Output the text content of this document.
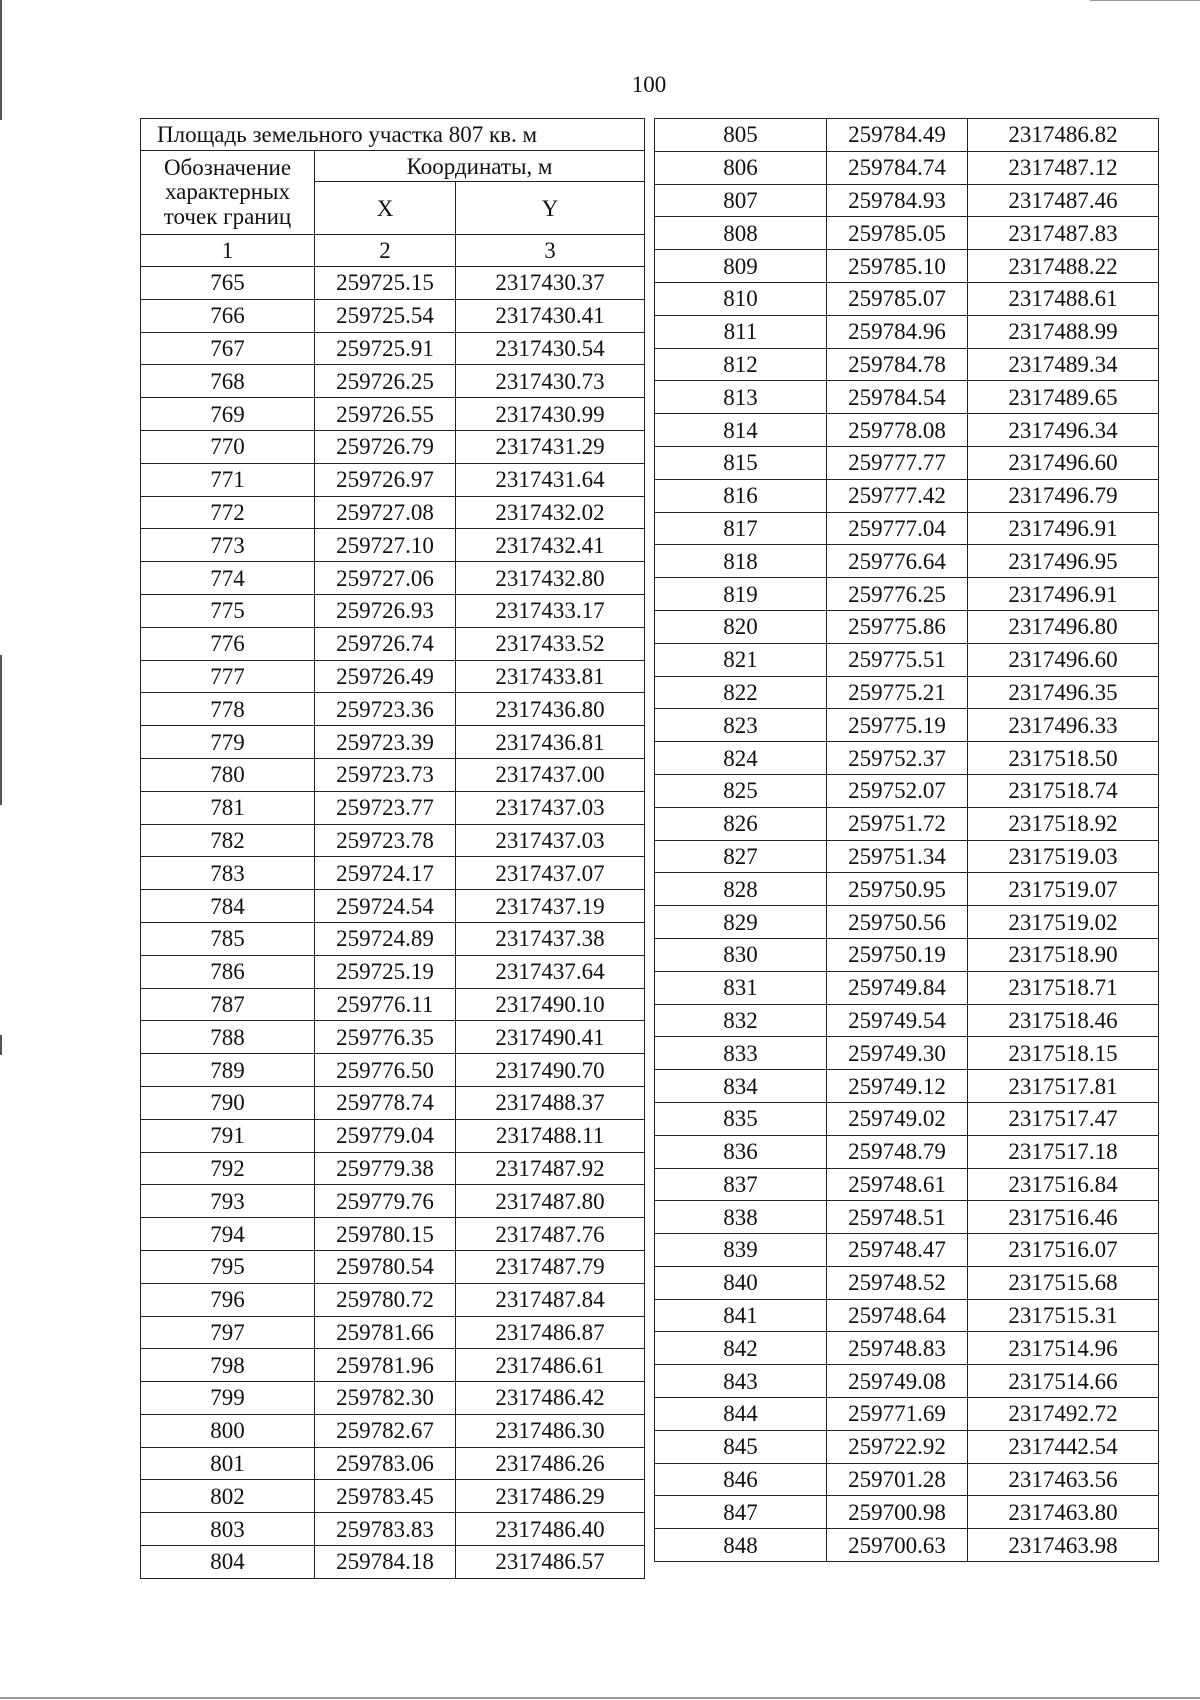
100
Площадь земельного участка 807 кв. м		
Обозначение характерных точек границ	Координаты, м	
	X	Y
1	2	3
765	259725.15	2317430.37
766	259725.54	2317430.41
767	259725.91	2317430.54
768	259726.25	2317430.73
769	259726.55	2317430.99
770	259726.79	2317431.29
771	259726.97	2317431.64
772	259727.08	2317432.02
773	259727.10	2317432.41
774	259727.06	2317432.80
775	259726.93	2317433.17
776	259726.74	2317433.52
777	259726.49	2317433.81
778	259723.36	2317436.80
779	259723.39	2317436.81
780	259723.73	2317437.00
781	259723.77	2317437.03
782	259723.78	2317437.03
783	259724.17	2317437.07
784	259724.54	2317437.19
785	259724.89	2317437.38
786	259725.19	2317437.64
787	259776.11	2317490.10
788	259776.35	2317490.41
789	259776.50	2317490.70
790	259778.74	2317488.37
791	259779.04	2317488.11
792	259779.38	2317487.92
793	259779.76	2317487.80
794	259780.15	2317487.76
795	259780.54	2317487.79
796	259780.72	2317487.84
797	259781.66	2317486.87
798	259781.96	2317486.61
799	259782.30	2317486.42
800	259782.67	2317486.30
801	259783.06	2317486.26
802	259783.45	2317486.29
803	259783.83	2317486.40
804	259784.18	2317486.57
805	259784.49	2317486.82
806	259784.74	2317487.12
807	259784.93	2317487.46
808	259785.05	2317487.83
809	259785.10	2317488.22
810	259785.07	2317488.61
811	259784.96	2317488.99
812	259784.78	2317489.34
813	259784.54	2317489.65
814	259778.08	2317496.34
815	259777.77	2317496.60
816	259777.42	2317496.79
817	259777.04	2317496.91
818	259776.64	2317496.95
819	259776.25	2317496.91
820	259775.86	2317496.80
821	259775.51	2317496.60
822	259775.21	2317496.35
823	259775.19	2317496.33
824	259752.37	2317518.50
825	259752.07	2317518.74
826	259751.72	2317518.92
827	259751.34	2317519.03
828	259750.95	2317519.07
829	259750.56	2317519.02
830	259750.19	2317518.90
831	259749.84	2317518.71
832	259749.54	2317518.46
833	259749.30	2317518.15
834	259749.12	2317517.81
835	259749.02	2317517.47
836	259748.79	2317517.18
837	259748.61	2317516.84
838	259748.51	2317516.46
839	259748.47	2317516.07
840	259748.52	2317515.68
841	259748.64	2317515.31
842	259748.83	2317514.96
843	259749.08	2317514.66
844	259771.69	2317492.72
845	259722.92	2317442.54
846	259701.28	2317463.56
847	259700.98	2317463.80
848	259700.63	2317463.98
